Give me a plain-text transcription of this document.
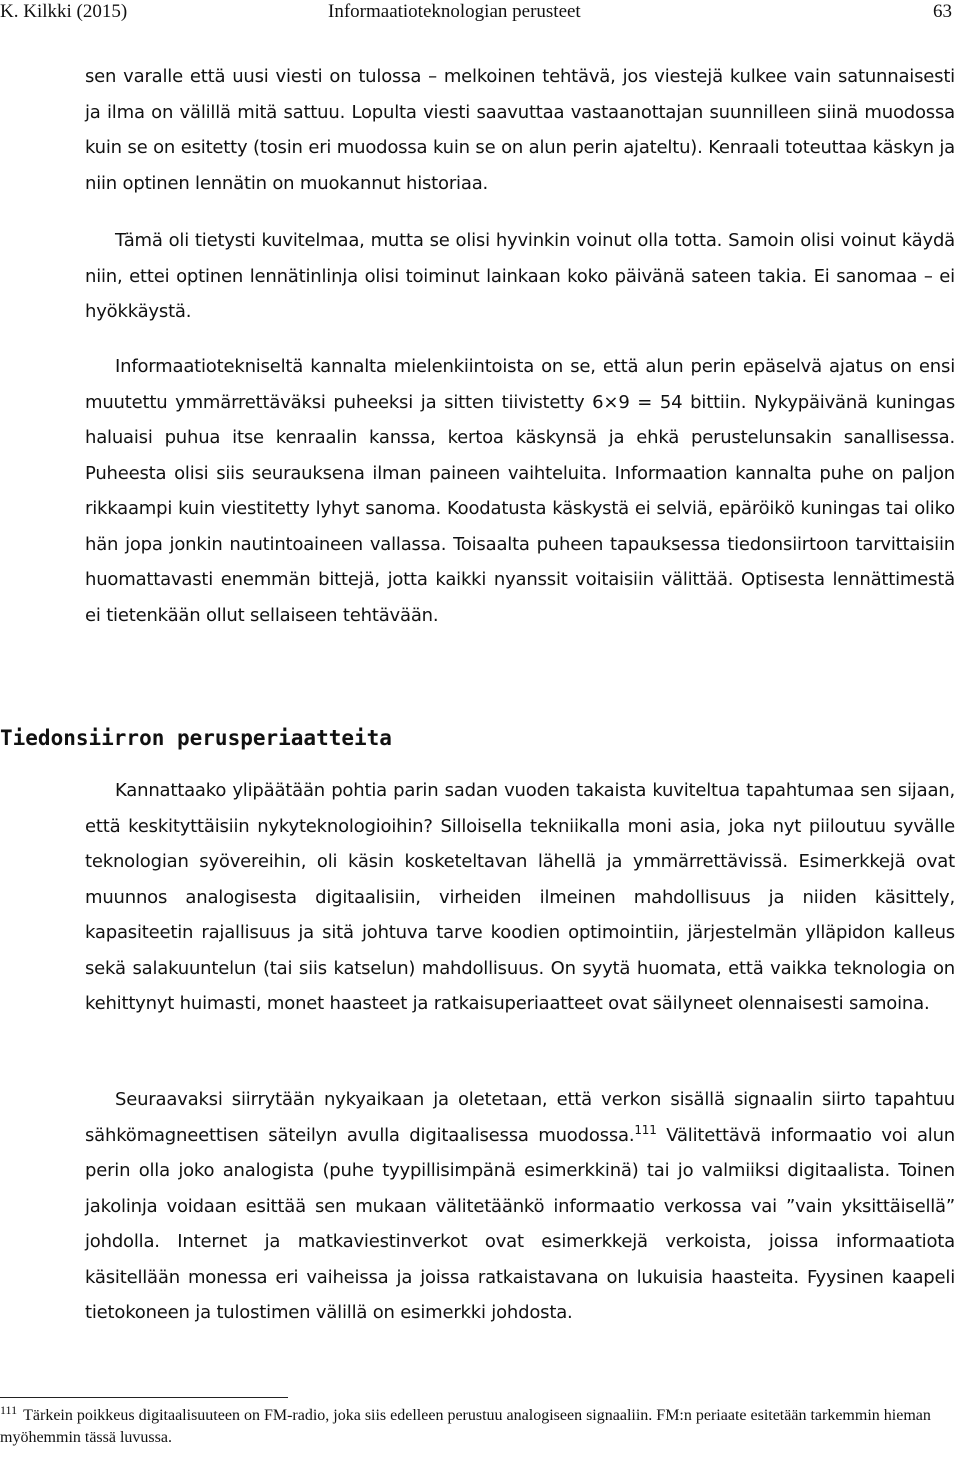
K. Kilkki (2015)	Informaatioteknologian perusteet	63

sen varalle että uusi viesti on tulossa – melkoinen tehtävä, jos viestejä kulkee vain satunnaisesti ja ilma on välillä mitä sattuu. Lopulta viesti saavuttaa vastaanottajan suunnilleen siinä muodossa kuin se on esitetty (tosin eri muodossa kuin se on alun perin ajateltu). Kenraali toteuttaa käskyn ja niin optinen lennätin on muokannut historiaa.

Tämä oli tietysti kuvitelmaa, mutta se olisi hyvinkin voinut olla totta. Samoin olisi voinut käydä niin, ettei optinen lennätinlinja olisi toiminut lainkaan koko päivänä sateen takia. Ei sanomaa – ei hyökkäystä.

Informaatiotekniseltä kannalta mielenkiintoista on se, että alun perin epäselvä ajatus on ensi muutettu ymmärrettäväksi puheeksi ja sitten tiivistetty 6×9 = 54 bittiin. Nykypäivänä kuningas haluaisi puhua itse kenraalin kanssa, kertoa käskynsä ja ehkä perustelunsakin sanallisessa. Puheesta olisi siis seurauksena ilman paineen vaihteluita. Informaation kannalta puhe on paljon rikkaampi kuin viestitetty lyhyt sanoma. Koodatusta käskystä ei selviä, epäröikö kuningas tai oliko hän jopa jonkin nautintoaineen vallassa. Toisaalta puheen tapauksessa tiedonsiirtoon tarvittaisiin huomattavasti enemmän bittejä, jotta kaikki nyanssit voitaisiin välittää. Optisesta lennättimestä ei tietenkään ollut sellaiseen tehtävään.

Tiedonsiirron perusperiaatteita

Kannattaako ylipäätään pohtia parin sadan vuoden takaista kuviteltua tapahtumaa sen sijaan, että keskityttäisiin nykyteknologioihin? Silloisella tekniikalla moni asia, joka nyt piiloutuu syvälle teknologian syövereihin, oli käsin kosketeltavan lähellä ja ymmärrettävissä. Esimerkkejä ovat muunnos analogisesta digitaalisiin, virheiden ilmeinen mahdollisuus ja niiden käsittely, kapasiteetin rajallisuus ja sitä johtuva tarve koodien optimointiin, järjestelmän ylläpidon kalleus sekä salakuuntelun (tai siis katselun) mahdollisuus. On syytä huomata, että vaikka teknologia on kehittynyt huimasti, monet haasteet ja ratkaisuperiaatteet ovat säilyneet olennaisesti samoina.

Seuraavaksi siirrytään nykyaikaan ja oletetaan, että verkon sisällä signaalin siirto tapahtuu sähkömagneettisen säteilyn avulla digitaalisessa muodossa.$^{111}$ Välitettävä informaatio voi alun perin olla joko analogista (puhe tyypillisimpänä esimerkkinä) tai jo valmiiksi digitaalista. Toinen jakolinja voidaan esittää sen mukaan välitetäänkö informaatio verkossa vai ”vain yksittäisellä” johdolla. Internet ja matkaviestinverkot ovat esimerkkejä verkoista, joissa informaatiota käsitellään monessa eri vaiheissa ja joissa ratkaistavana on lukuisia haasteita. Fyysinen kaapeli tietokoneen ja tulostimen välillä on esimerkki johdosta.

$^{111}$ Tärkein poikkeus digitaalisuuteen on FM-radio, joka siis edelleen perustuu analogiseen signaaliin. FM:n periaate esitetään tarkemmin hieman myöhemmin tässä luvussa.
